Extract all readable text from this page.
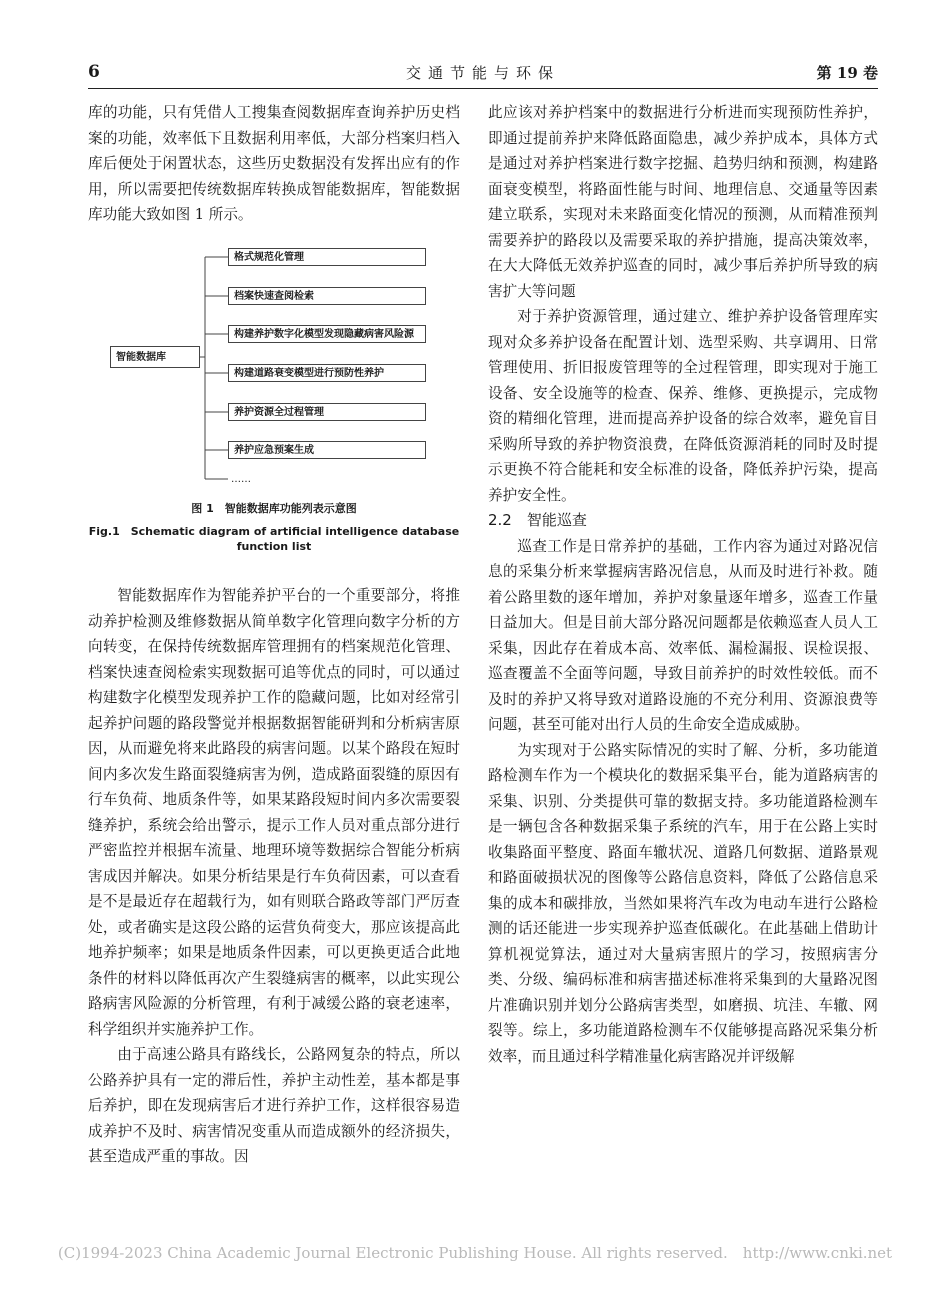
6	交通节能与环保	第 19 卷

库的功能，只有凭借人工搜集查阅数据库查询养护历史档案的功能，效率低下且数据利用率低，大部分档案归档入库后便处于闲置状态，这些历史数据没有发挥出应有的作用，所以需要把传统数据库转换成智能数据库，智能数据库功能大致如图 1 所示。

智能数据库
格式规范化管理
档案快速查阅检索
构建养护数字化模型发现隐藏病害风险源
构建道路衰变模型进行预防性养护
养护资源全过程管理
养护应急预案生成
……
图 1　智能数据库功能列表示意图
Fig.1　Schematic diagram of artificial intelligence database function list

智能数据库作为智能养护平台的一个重要部分，将推动养护检测及维修数据从简单数字化管理向数字分析的方向转变，在保持传统数据库管理拥有的档案规范化管理、档案快速查阅检索实现数据可追等优点的同时，可以通过构建数字化模型发现养护工作的隐藏问题，比如对经常引起养护问题的路段警觉并根据数据智能研判和分析病害原因，从而避免将来此路段的病害问题。以某个路段在短时间内多次发生路面裂缝病害为例，造成路面裂缝的原因有行车负荷、地质条件等，如果某路段短时间内多次需要裂缝养护，系统会给出警示，提示工作人员对重点部分进行严密监控并根据车流量、地理环境等数据综合智能分析病害成因并解决。如果分析结果是行车负荷因素，可以查看是不是最近存在超载行为，如有则联合路政等部门严厉查处，或者确实是这段公路的运营负荷变大，那应该提高此地养护频率；如果是地质条件因素，可以更换更适合此地条件的材料以降低再次产生裂缝病害的概率，以此实现公路病害风险源的分析管理，有利于减缓公路的衰老速率，科学组织并实施养护工作。

由于高速公路具有路线长，公路网复杂的特点，所以公路养护具有一定的滞后性，养护主动性差，基本都是事后养护，即在发现病害后才进行养护工作，这样很容易造成养护不及时、病害情况变重从而造成额外的经济损失，甚至造成严重的事故。因

此应该对养护档案中的数据进行分析进而实现预防性养护，即通过提前养护来降低路面隐患，减少养护成本，具体方式是通过对养护档案进行数字挖掘、趋势归纳和预测，构建路面衰变模型，将路面性能与时间、地理信息、交通量等因素建立联系，实现对未来路面变化情况的预测，从而精准预判需要养护的路段以及需要采取的养护措施，提高决策效率，在大大降低无效养护巡查的同时，减少事后养护所导致的病害扩大等问题

对于养护资源管理，通过建立、维护养护设备管理库实现对众多养护设备在配置计划、选型采购、共享调用、日常管理使用、折旧报废管理等的全过程管理，即实现对于施工设备、安全设施等的检查、保养、维修、更换提示，完成物资的精细化管理，进而提高养护设备的综合效率，避免盲目采购所导致的养护物资浪费，在降低资源消耗的同时及时提示更换不符合能耗和安全标准的设备，降低养护污染，提高养护安全性。

2.2　智能巡查

巡查工作是日常养护的基础，工作内容为通过对路况信息的采集分析来掌握病害路况信息，从而及时进行补救。随着公路里数的逐年增加，养护对象量逐年增多，巡查工作量日益加大。但是目前大部分路况问题都是依赖巡查人员人工采集，因此存在着成本高、效率低、漏检漏报、误检误报、巡查覆盖不全面等问题，导致目前养护的时效性较低。而不及时的养护又将导致对道路设施的不充分利用、资源浪费等问题，甚至可能对出行人员的生命安全造成威胁。

为实现对于公路实际情况的实时了解、分析，多功能道路检测车作为一个模块化的数据采集平台，能为道路病害的采集、识别、分类提供可靠的数据支持。多功能道路检测车是一辆包含各种数据采集子系统的汽车，用于在公路上实时收集路面平整度、路面车辙状况、道路几何数据、道路景观和路面破损状况的图像等公路信息资料，降低了公路信息采集的成本和碳排放，当然如果将汽车改为电动车进行公路检测的话还能进一步实现养护巡查低碳化。在此基础上借助计算机视觉算法，通过对大量病害照片的学习，按照病害分类、分级、编码标准和病害描述标准将采集到的大量路况图片准确识别并划分公路病害类型，如磨损、坑洼、车辙、网裂等。综上，多功能道路检测车不仅能够提高路况采集分析效率，而且通过科学精准量化病害路况并评级解

(C)1994-2023 China Academic Journal Electronic Publishing House. All rights reserved.　http://www.cnki.net
